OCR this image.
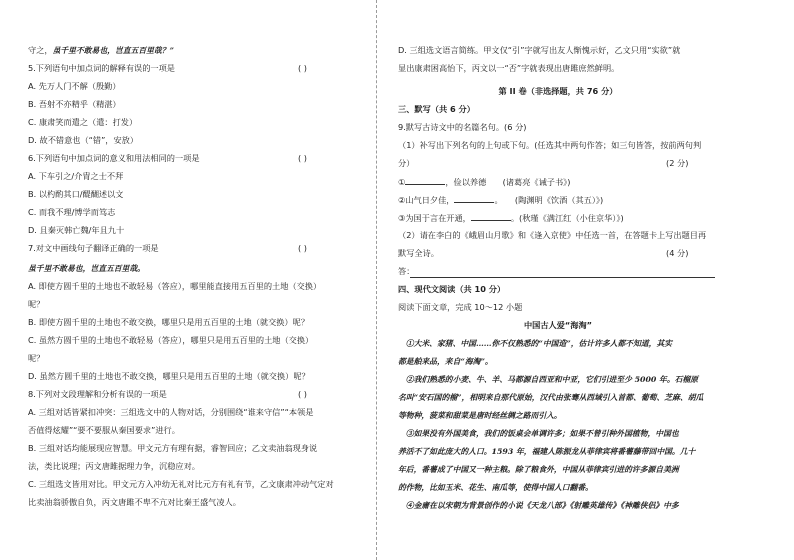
守之，虽千里不敢易也，岂直五百里哉？”
5.下列语句中加点词的解释有误的一项是	( )
A. 先万人门不解（殷勤）
B. 吾射不亦精乎（精湛）
C. 康肃笑而遣之（遣：打发）
D. 故不错意也（“错”，安放）
6.下列语句中加点词的意义和用法相同的一项是	( )
A. 下车引之/介胄之士不拜
B. 以杓酌其口/醍醐述以文
C. 而我不理/博学而笃志
D. 且秦灭韩亡魏/年且九十
7.对文中画线句子翻译正确的一项是	( )
虽千里不敢易也，岂直五百里哉。
A. 即使方圆千里的土地也不敢轻易（答应），哪里能直接用五百里的土地（交换）
呢？
B. 即使方圆千里的土地也不敢交换，哪里只是用五百里的土地（就交换）呢？
C. 虽然方圆千里的土地也不敢轻易（答应），哪里只是用五百里的土地（交换）
呢？
D. 虽然方圆千里的土地也不敢交换，哪里只是用五百里的土地（就交换）呢？
8.下列对文段理解和分析有误的一项是	( )
A. 三组对话皆紧扣冲突：三组选文中的人物对话，分别围绕“谁来守信”“本领是
否值得炫耀”“要不要服从秦国要求”进行。
B. 三组对话均能展现应智慧。甲文元方有理有据，睿智回应；乙文卖油翁现身说
法，类比说理；丙文唐雎据理力争，沉稳应对。
C. 三组选文皆用对比。甲文元方入冲幼无礼对比元方有礼有节，乙文康肃冲动气定对
比卖油翁骄傲自负，丙文唐雎不卑不亢对比秦王盛气凌人。
D. 三组选文语言简练。甲文仅“引”字就写出友人惭愧示好，乙文只用“实欲”就
显出康肃困高怡下，丙文以一“否”字就表现出唐雎庶然鲜明。
第 II 卷（非选择题，共 76 分）
三、默写（共 6 分）
9.默写古诗文中的名篇名句。(6 分)
（1）补写出下列名句的上句或下句。(任选其中两句作答；如三句皆答，按前两句判
分）	(2 分)
①	，俭以养德　　(诸葛亮《诫子书》)
②山气日夕佳，	。　　(陶渊明《饮酒（其五）》)
③为国于言在开通，	。(秋瑾《满江红（小住京华）》)
（2）请在李白的《峨眉山月歌》和《逢入京使》中任选一首，在答题卡上写出题目再
默写全诗。	(4 分)
答：
四、现代文阅读（共 10 分）
阅读下面文章，完成 10～12 小题
中国古人爱“海淘”
　①大米、家猪、中国……你不仅熟悉的“中国造”，估计许多人都不知道，其实
都是舶来品，来自“海淘”。
　②我们熟悉的小麦、牛、羊、马都源自西亚和中亚，它们引进至少 5000 年。石榴原
名叫“安石国的榴”，相明来自那代原始，汉代由张骞从西域引入首都、葡萄、芝麻、胡瓜
等物种，菠菜和甜菜是唐时经丝绸之路而引入。
　③如果没有外国美食，我们的饭桌会单调许多；如果不曾引种外国植物，中国也
养活不了如此庞大的人口。1593 年，福建人陈振龙从菲律宾将番薯藤带回中国。几十
年后，番薯成了中国又一种主粮。除了粮食外，中国从菲律宾引进的许多源自美洲
的作物，比如玉米、花生、南瓜等，使得中国人口翻番。
　④金庸在以宋朝为背景创作的小说《天龙八部》《射雕英雄传》《神雕侠侣》中多
